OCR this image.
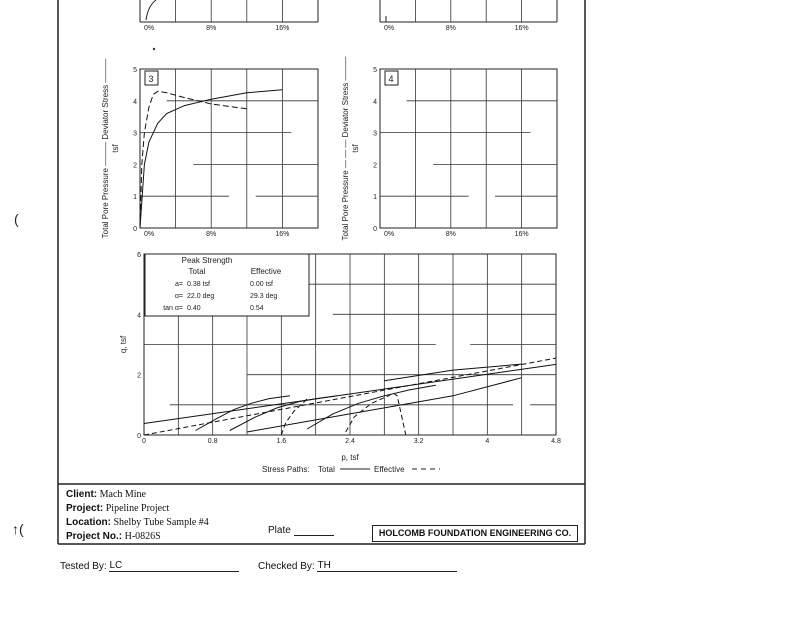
0%	8%	16%	0%	8%	16%
0
1
2
3
4
5
0%	8%	16%
Total Pore Pressure ——— Deviator Stress ———tsf
0
1
2
3
4
5
0%	8%	16%
Total Pore Pressure — — — Deviator Stress ———tsf
0	0.8	1.6	2.4	3.2	4	4.8
0
2
4
6
p, tsf
q, tsf
3	4
Peak Strength
Total	Effective
a= 0.38 tsf	0.00 tsf
α= 22.0 deg	29.3 deg
tan α= 0.40	0.54
Stress Paths: Total	Effective
(
↑(
Client: Mach Mine
Project: Pipeline Project
Location: Shelby Tube Sample #4
Project No.: H-0826S
Plate	HOLCOMB FOUNDATION ENGINEERING CO.
Tested By: LC	Checked By: TH
